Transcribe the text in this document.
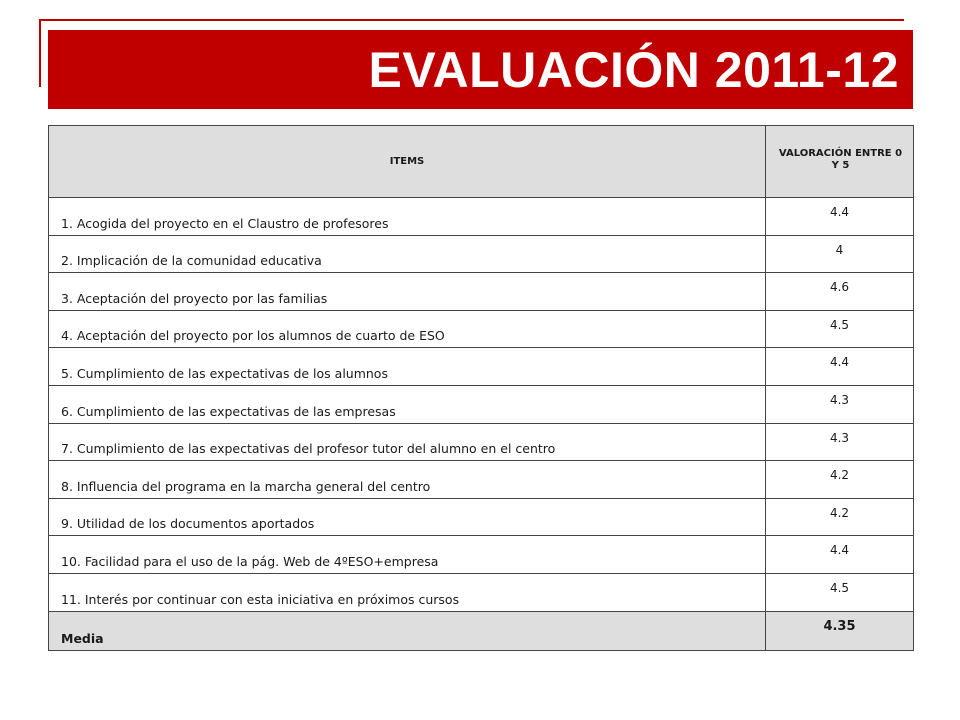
EVALUACIÓN 2011-12
ITEMS	VALORACIÓN ENTRE 0 Y 5
1. Acogida del proyecto en el Claustro de profesores	4.4
2. Implicación de la comunidad educativa	4
3. Aceptación del proyecto por las familias	4.6
4. Aceptación del proyecto por los alumnos de cuarto de ESO	4.5
5. Cumplimiento de las expectativas de los alumnos	4.4
6. Cumplimiento de las expectativas de las empresas	4.3
7. Cumplimiento de las expectativas del profesor tutor del alumno en el centro	4.3
8. Influencia del programa en la marcha general del centro	4.2
9. Utilidad de los documentos aportados	4.2
10. Facilidad para el uso de la pág. Web de 4ºESO+empresa	4.4
11. Interés por continuar con esta iniciativa en próximos cursos	4.5
Media	4.35
